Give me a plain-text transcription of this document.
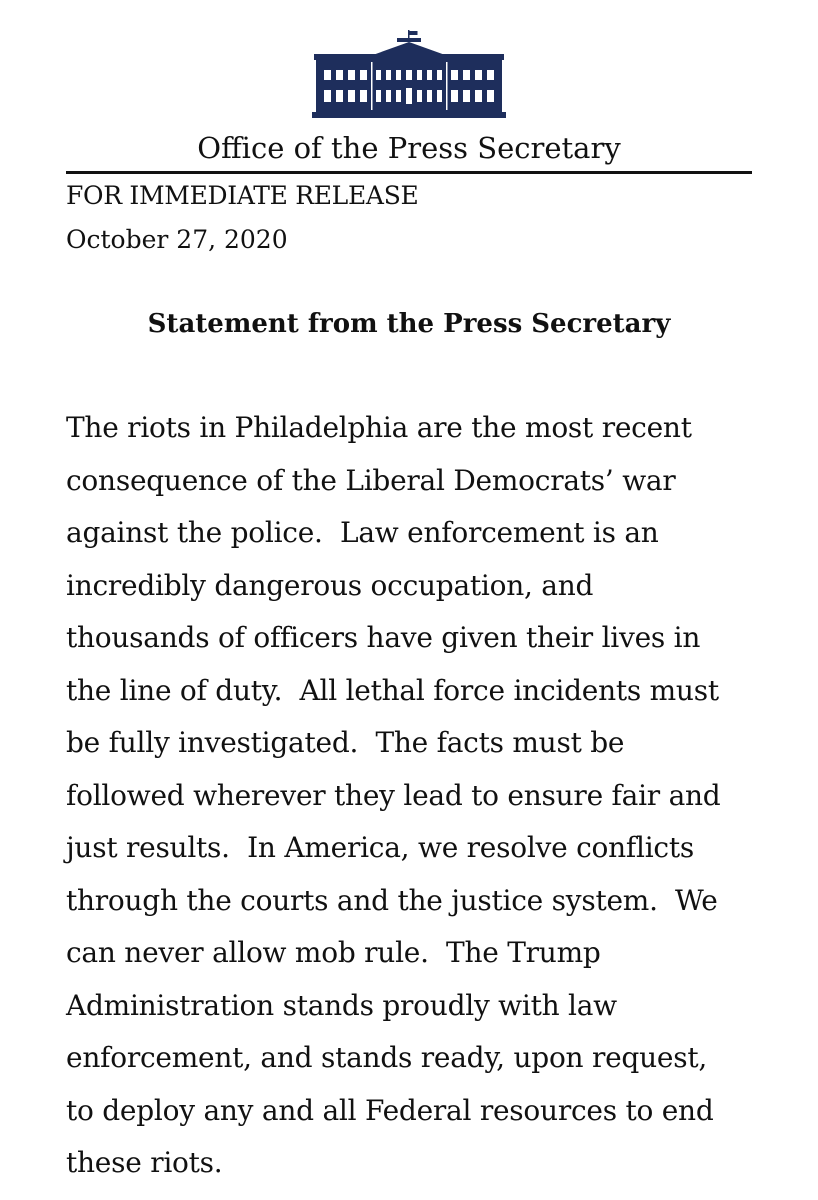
Office of the Press Secretary
FOR IMMEDIATE RELEASE
October 27, 2020
Statement from the Press Secretary
The riots in Philadelphia are the most recent
consequence of the Liberal Democrats’ war
against the police.  Law enforcement is an
incredibly dangerous occupation, and
thousands of officers have given their lives in
the line of duty.  All lethal force incidents must
be fully investigated.  The facts must be
followed wherever they lead to ensure fair and
just results.  In America, we resolve conflicts
through the courts and the justice system.  We
can never allow mob rule.  The Trump
Administration stands proudly with law
enforcement, and stands ready, upon request,
to deploy any and all Federal resources to end
these riots.
